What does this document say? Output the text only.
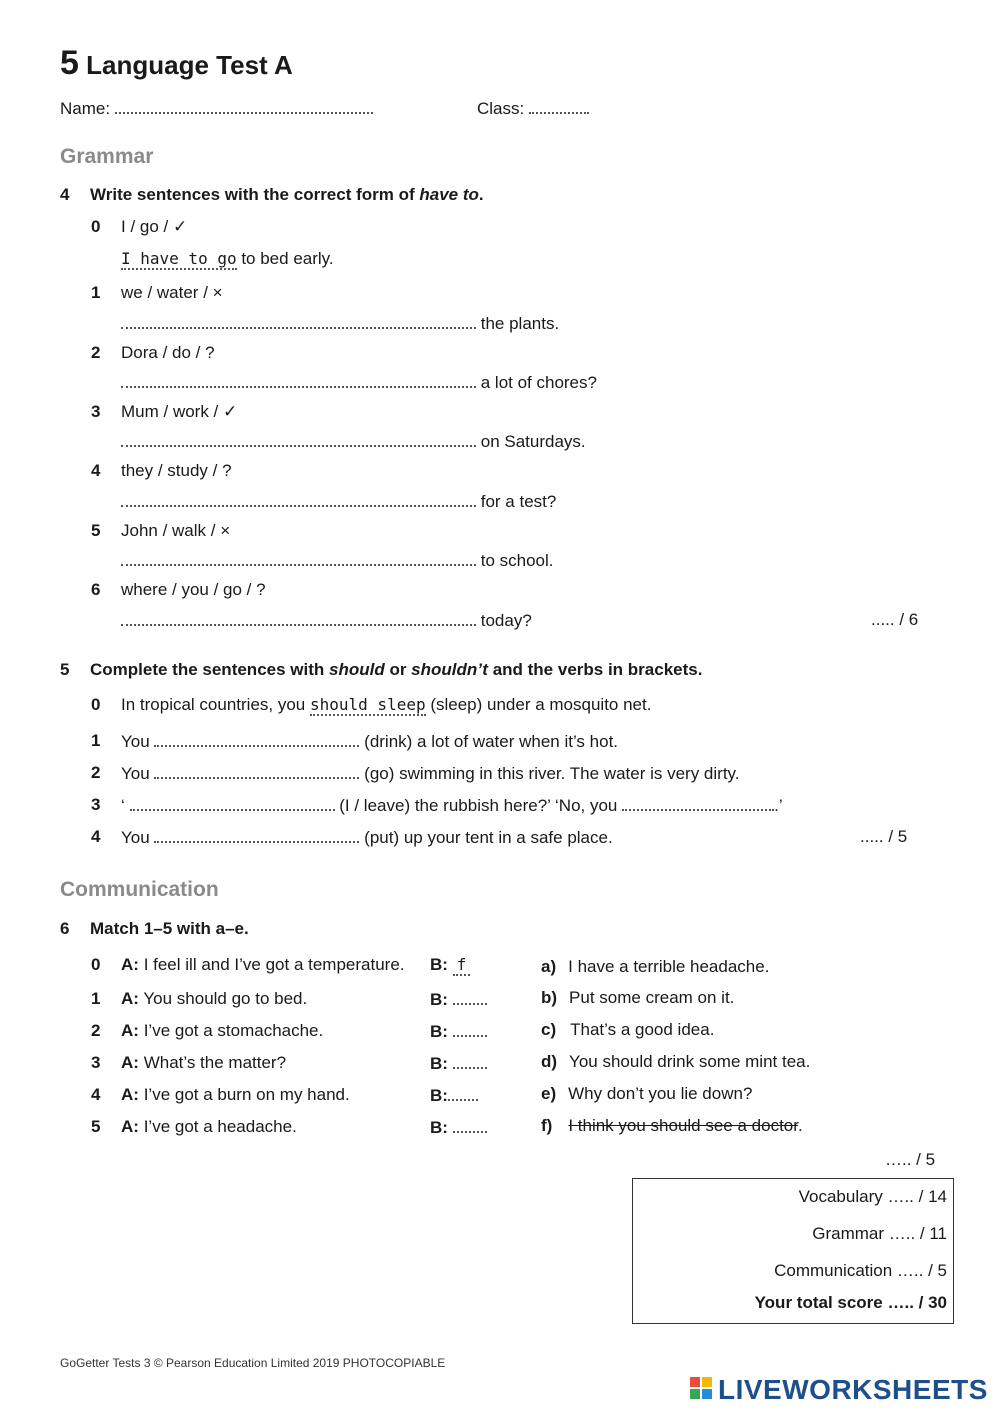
5 Language Test A
Name:	Class:
Grammar
4 Write sentences with the correct form of have to.
0 I / go / ✓
I have to go to bed early.
1 we / water / ×
the plants.
2 Dora / do / ?
a lot of chores?
3 Mum / work / ✓
on Saturdays.
4 they / study / ?
for a test?
5 John / walk / ×
to school.
6 where / you / go / ?
today?	..... / 6
5 Complete the sentences with should or shouldn’t and the verbs in brackets.
0 In tropical countries, you should sleep (sleep) under a mosquito net.
1 You	(drink) a lot of water when it’s hot.
2 You	(go) swimming in this river. The water is very dirty.
3 ‘	(I / leave) the rubbish here?’ ‘No, you	.’
4 You	(put) up your tent in a safe place.	..... / 5
Communication
6 Match 1–5 with a–e.
0 A: I feel ill and I’ve got a temperature. B: f
1 A: You should go to bed.	B:
2 A: I’ve got a stomachache.	B:
3 A: What’s the matter?	B:
4 A: I’ve got a burn on my hand.	B:
5 A: I’ve got a headache.	B:
a) I have a terrible headache.
b) Put some cream on it.
c) That’s a good idea.
d) You should drink some mint tea.
e) Why don’t you lie down?
f) I think you should see a doctor.
….. / 5
Vocabulary ….. / 14
Grammar ….. / 11
Communication ….. / 5
Your total score ….. / 30
GoGetter Tests 3 © Pearson Education Limited 2019 PHOTOCOPIABLE
LIVEWORKSHEETS
